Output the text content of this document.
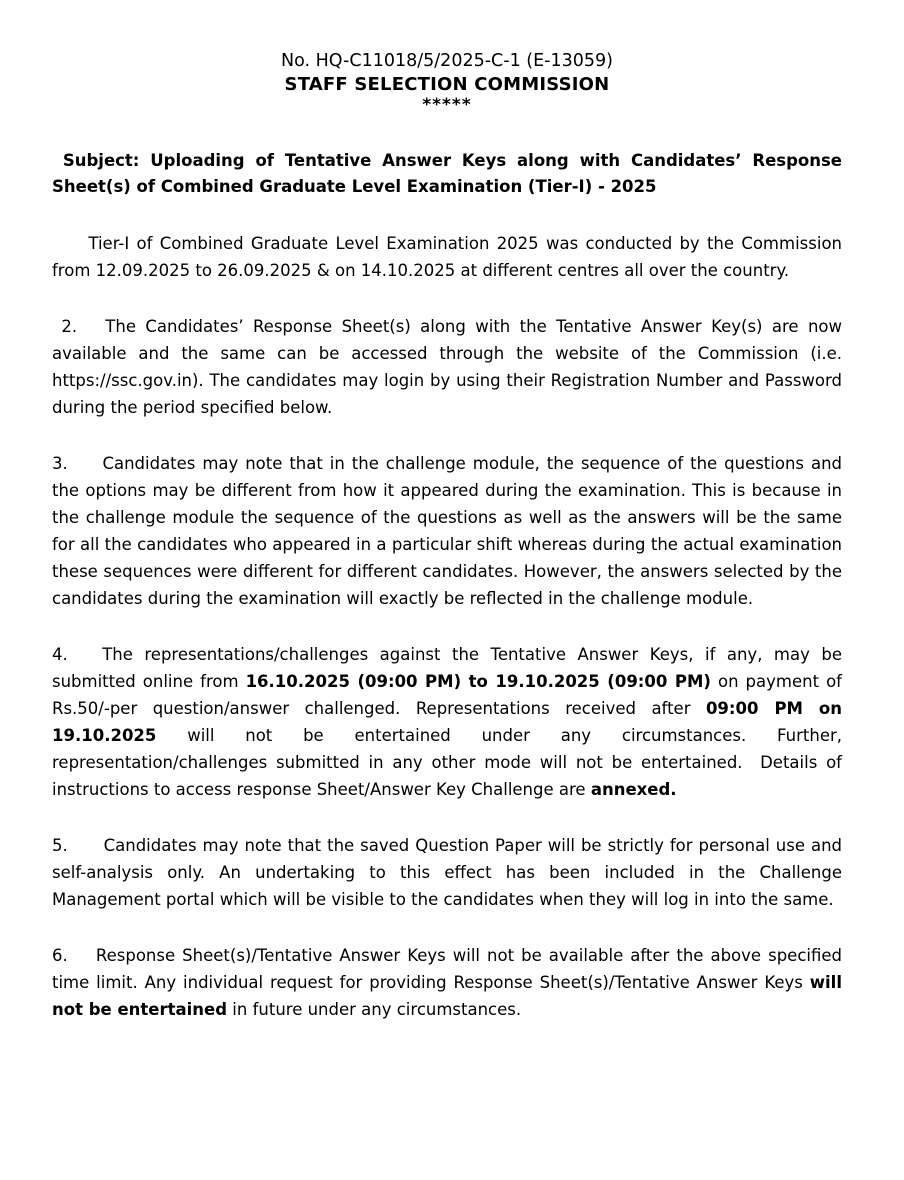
No. HQ-C11018/5/2025-C-1 (E-13059)
STAFF SELECTION COMMISSION
*****
Subject: Uploading of Tentative Answer Keys along with Candidates’ Response Sheet(s) of Combined Graduate Level Examination (Tier-I) - 2025

Tier-I of Combined Graduate Level Examination 2025 was conducted by the Commission from 12.09.2025 to 26.09.2025 & on 14.10.2025 at different centres all over the country.

2.   The Candidates’ Response Sheet(s) along with the Tentative Answer Key(s) are now available and the same can be accessed through the website of the Commission (i.e. https://ssc.gov.in). The candidates may login by using their Registration Number and Password during the period specified below.

3.     Candidates may note that in the challenge module, the sequence of the questions and the options may be different from how it appeared during the examination. This is because in the challenge module the sequence of the questions as well as the answers will be the same for all the candidates who appeared in a particular shift whereas during the actual examination these sequences were different for different candidates. However, the answers selected by the candidates during the examination will exactly be reflected in the challenge module.

4.   The representations/challenges against the Tentative Answer Keys, if any, may be submitted online from 16.10.2025 (09:00 PM) to 19.10.2025 (09:00 PM) on payment of Rs.50/-per question/answer challenged. Representations received after 09:00 PM on 19.10.2025 will not be entertained under any circumstances. Further, representation/challenges submitted in any other mode will not be entertained.  Details of instructions to access response Sheet/Answer Key Challenge are annexed.

5.      Candidates may note that the saved Question Paper will be strictly for personal use and self-analysis only. An undertaking to this effect has been included in the Challenge Management portal which will be visible to the candidates when they will log in into the same.

6.    Response Sheet(s)/Tentative Answer Keys will not be available after the above specified time limit. Any individual request for providing Response Sheet(s)/Tentative Answer Keys will not be entertained in future under any circumstances.
